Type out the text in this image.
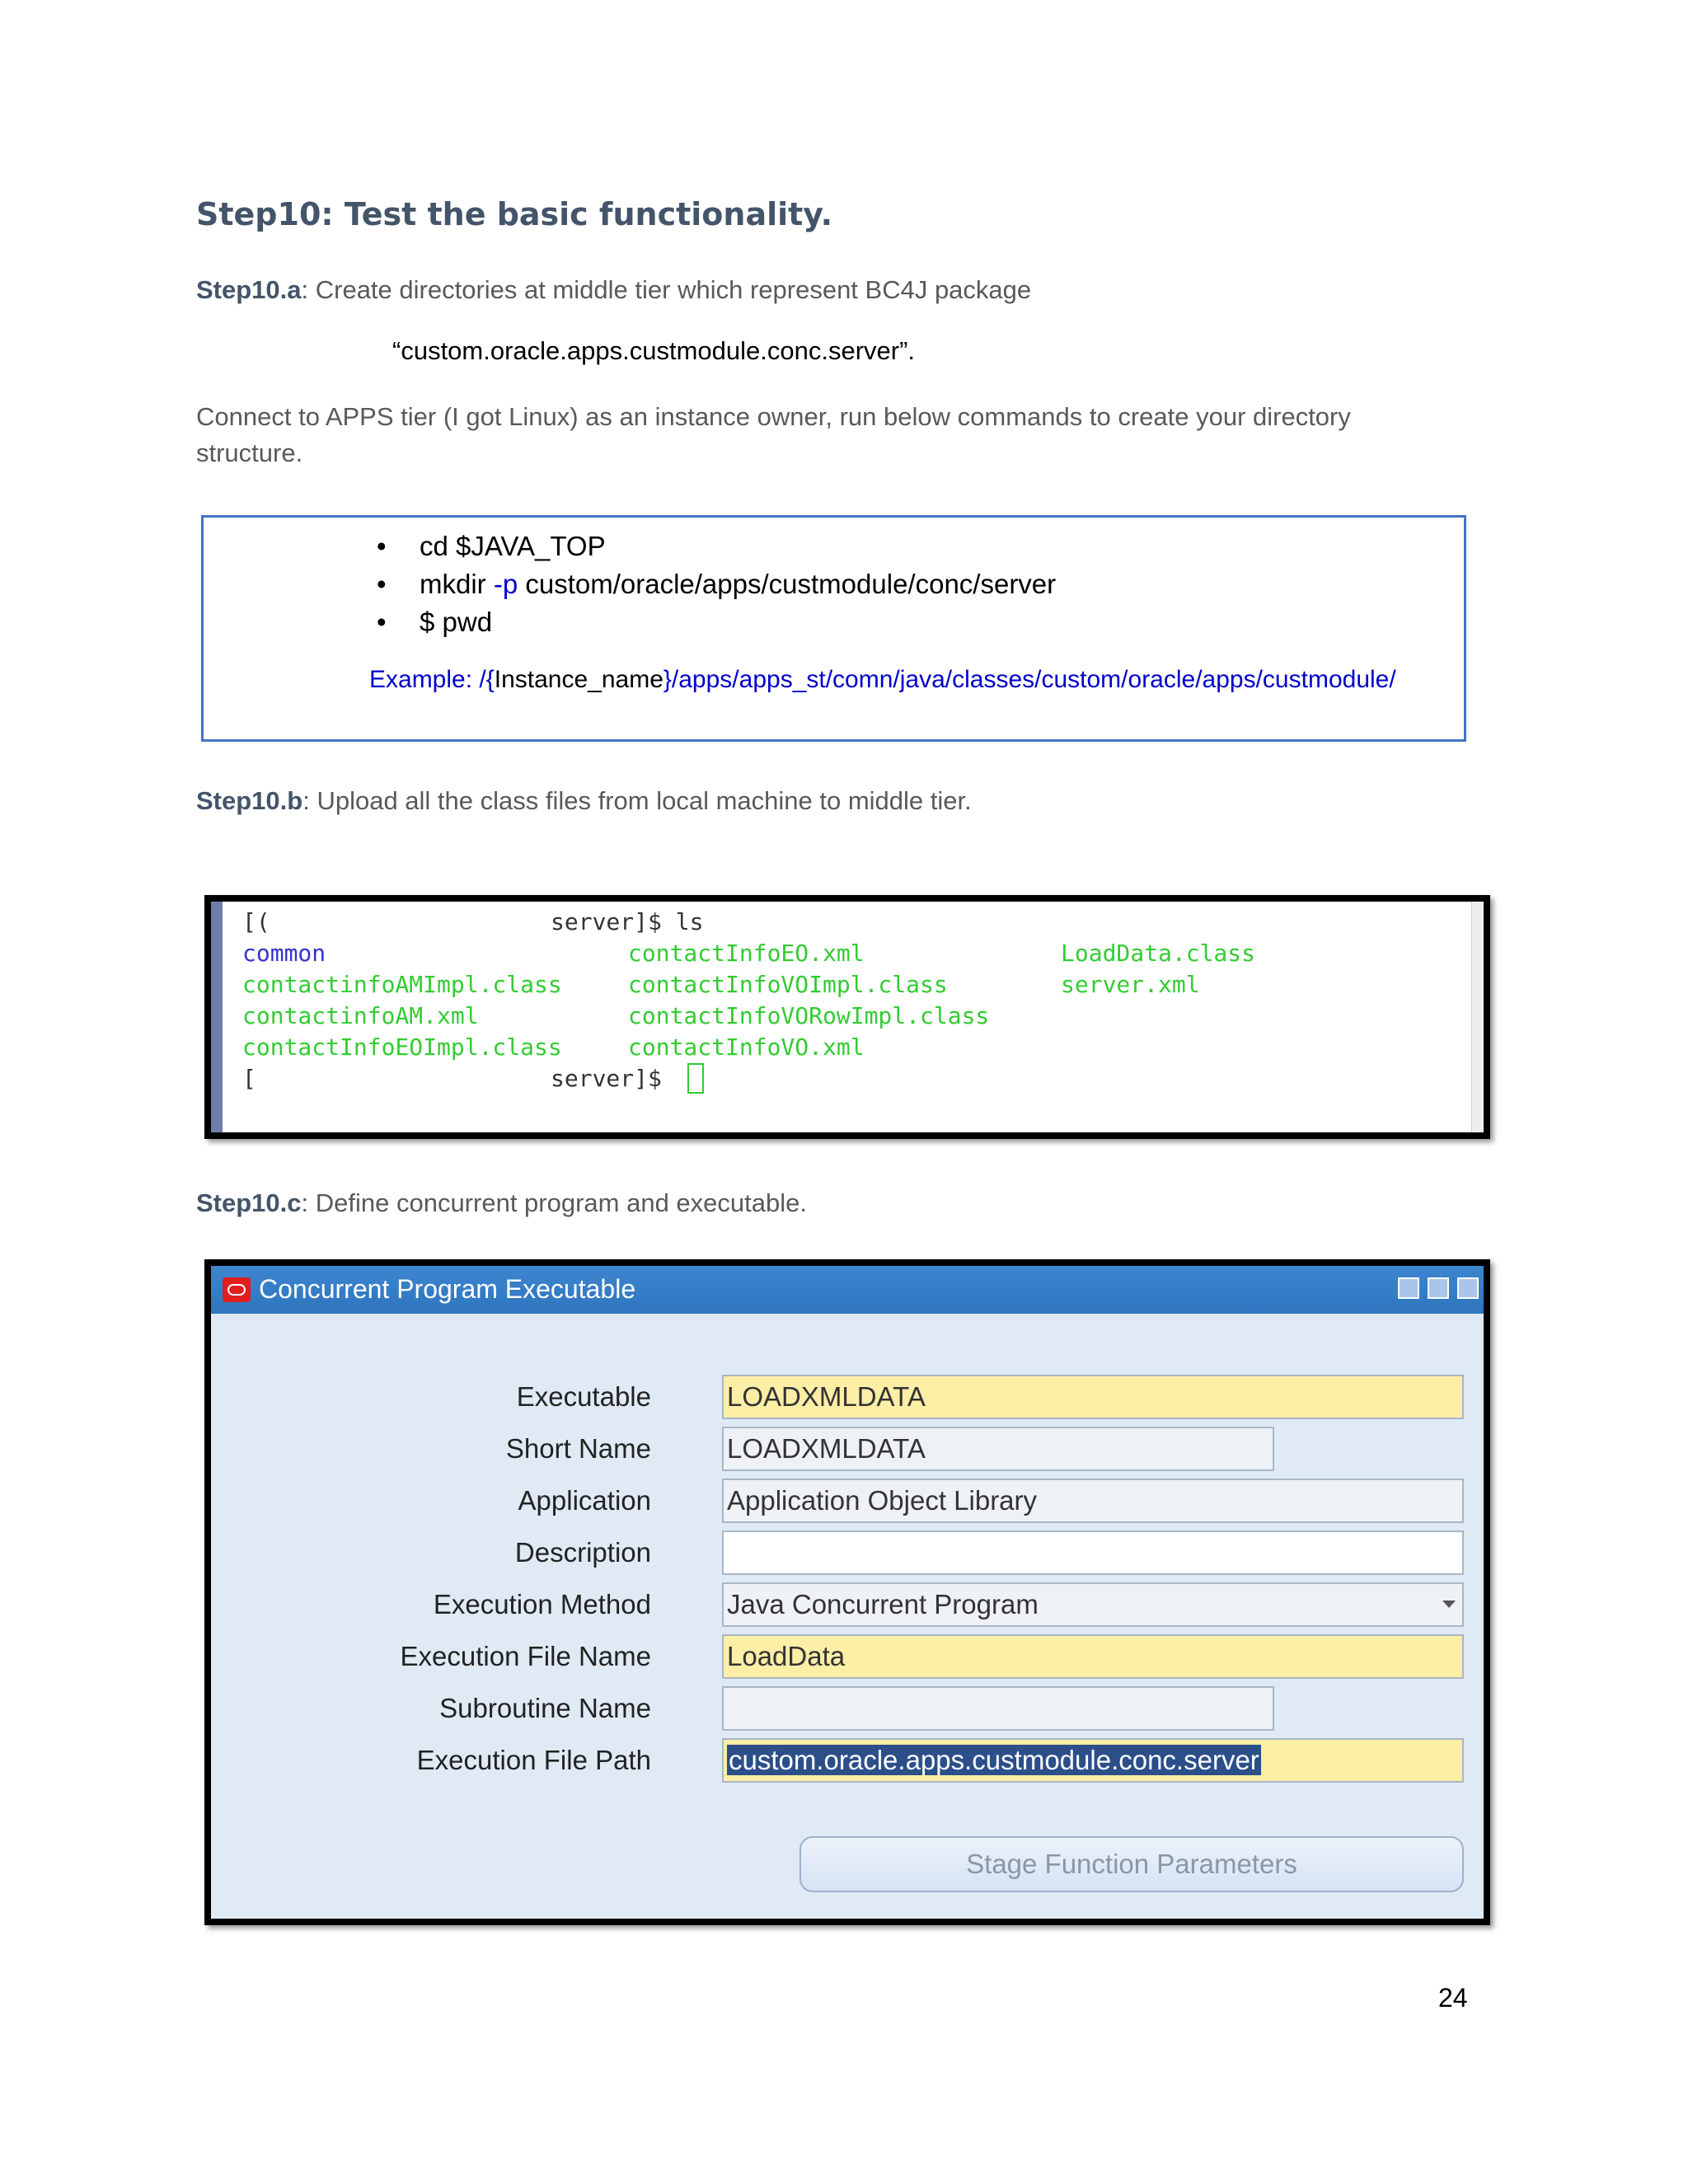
Step10: Test the basic functionality.
Step10.a: Create directories at middle tier which represent BC4J package
“custom.oracle.apps.custmodule.conc.server”.
Connect to APPS tier (I got Linux) as an instance owner, run below commands to create your directory structure.
• cd $JAVA_TOP
• mkdir -p custom/oracle/apps/custmodule/conc/server
• $ pwd
Example: /{Instance_name}/apps/apps_st/comn/java/classes/custom/oracle/apps/custmodule/
Step10.b: Upload all the class files from local machine to middle tier.
[(	server]$ ls
common
contactinfoAMImpl.class
contactinfoAM.xml
contactInfoEOImpl.class
contactInfoEO.xml
contactInfoVOImpl.class
contactInfoVORowImpl.class
contactInfoVO.xml
LoadData.class
server.xml
[	server]$
Step10.c: Define concurrent program and executable.
Concurrent Program Executable
Executable	LOADXMLDATA
Short Name	LOADXMLDATA
Application	Application Object Library
Description
Execution Method	Java Concurrent Program
Execution File Name	LoadData
Subroutine Name
Execution File Path	custom.oracle.apps.custmodule.conc.server
Stage Function Parameters
24
